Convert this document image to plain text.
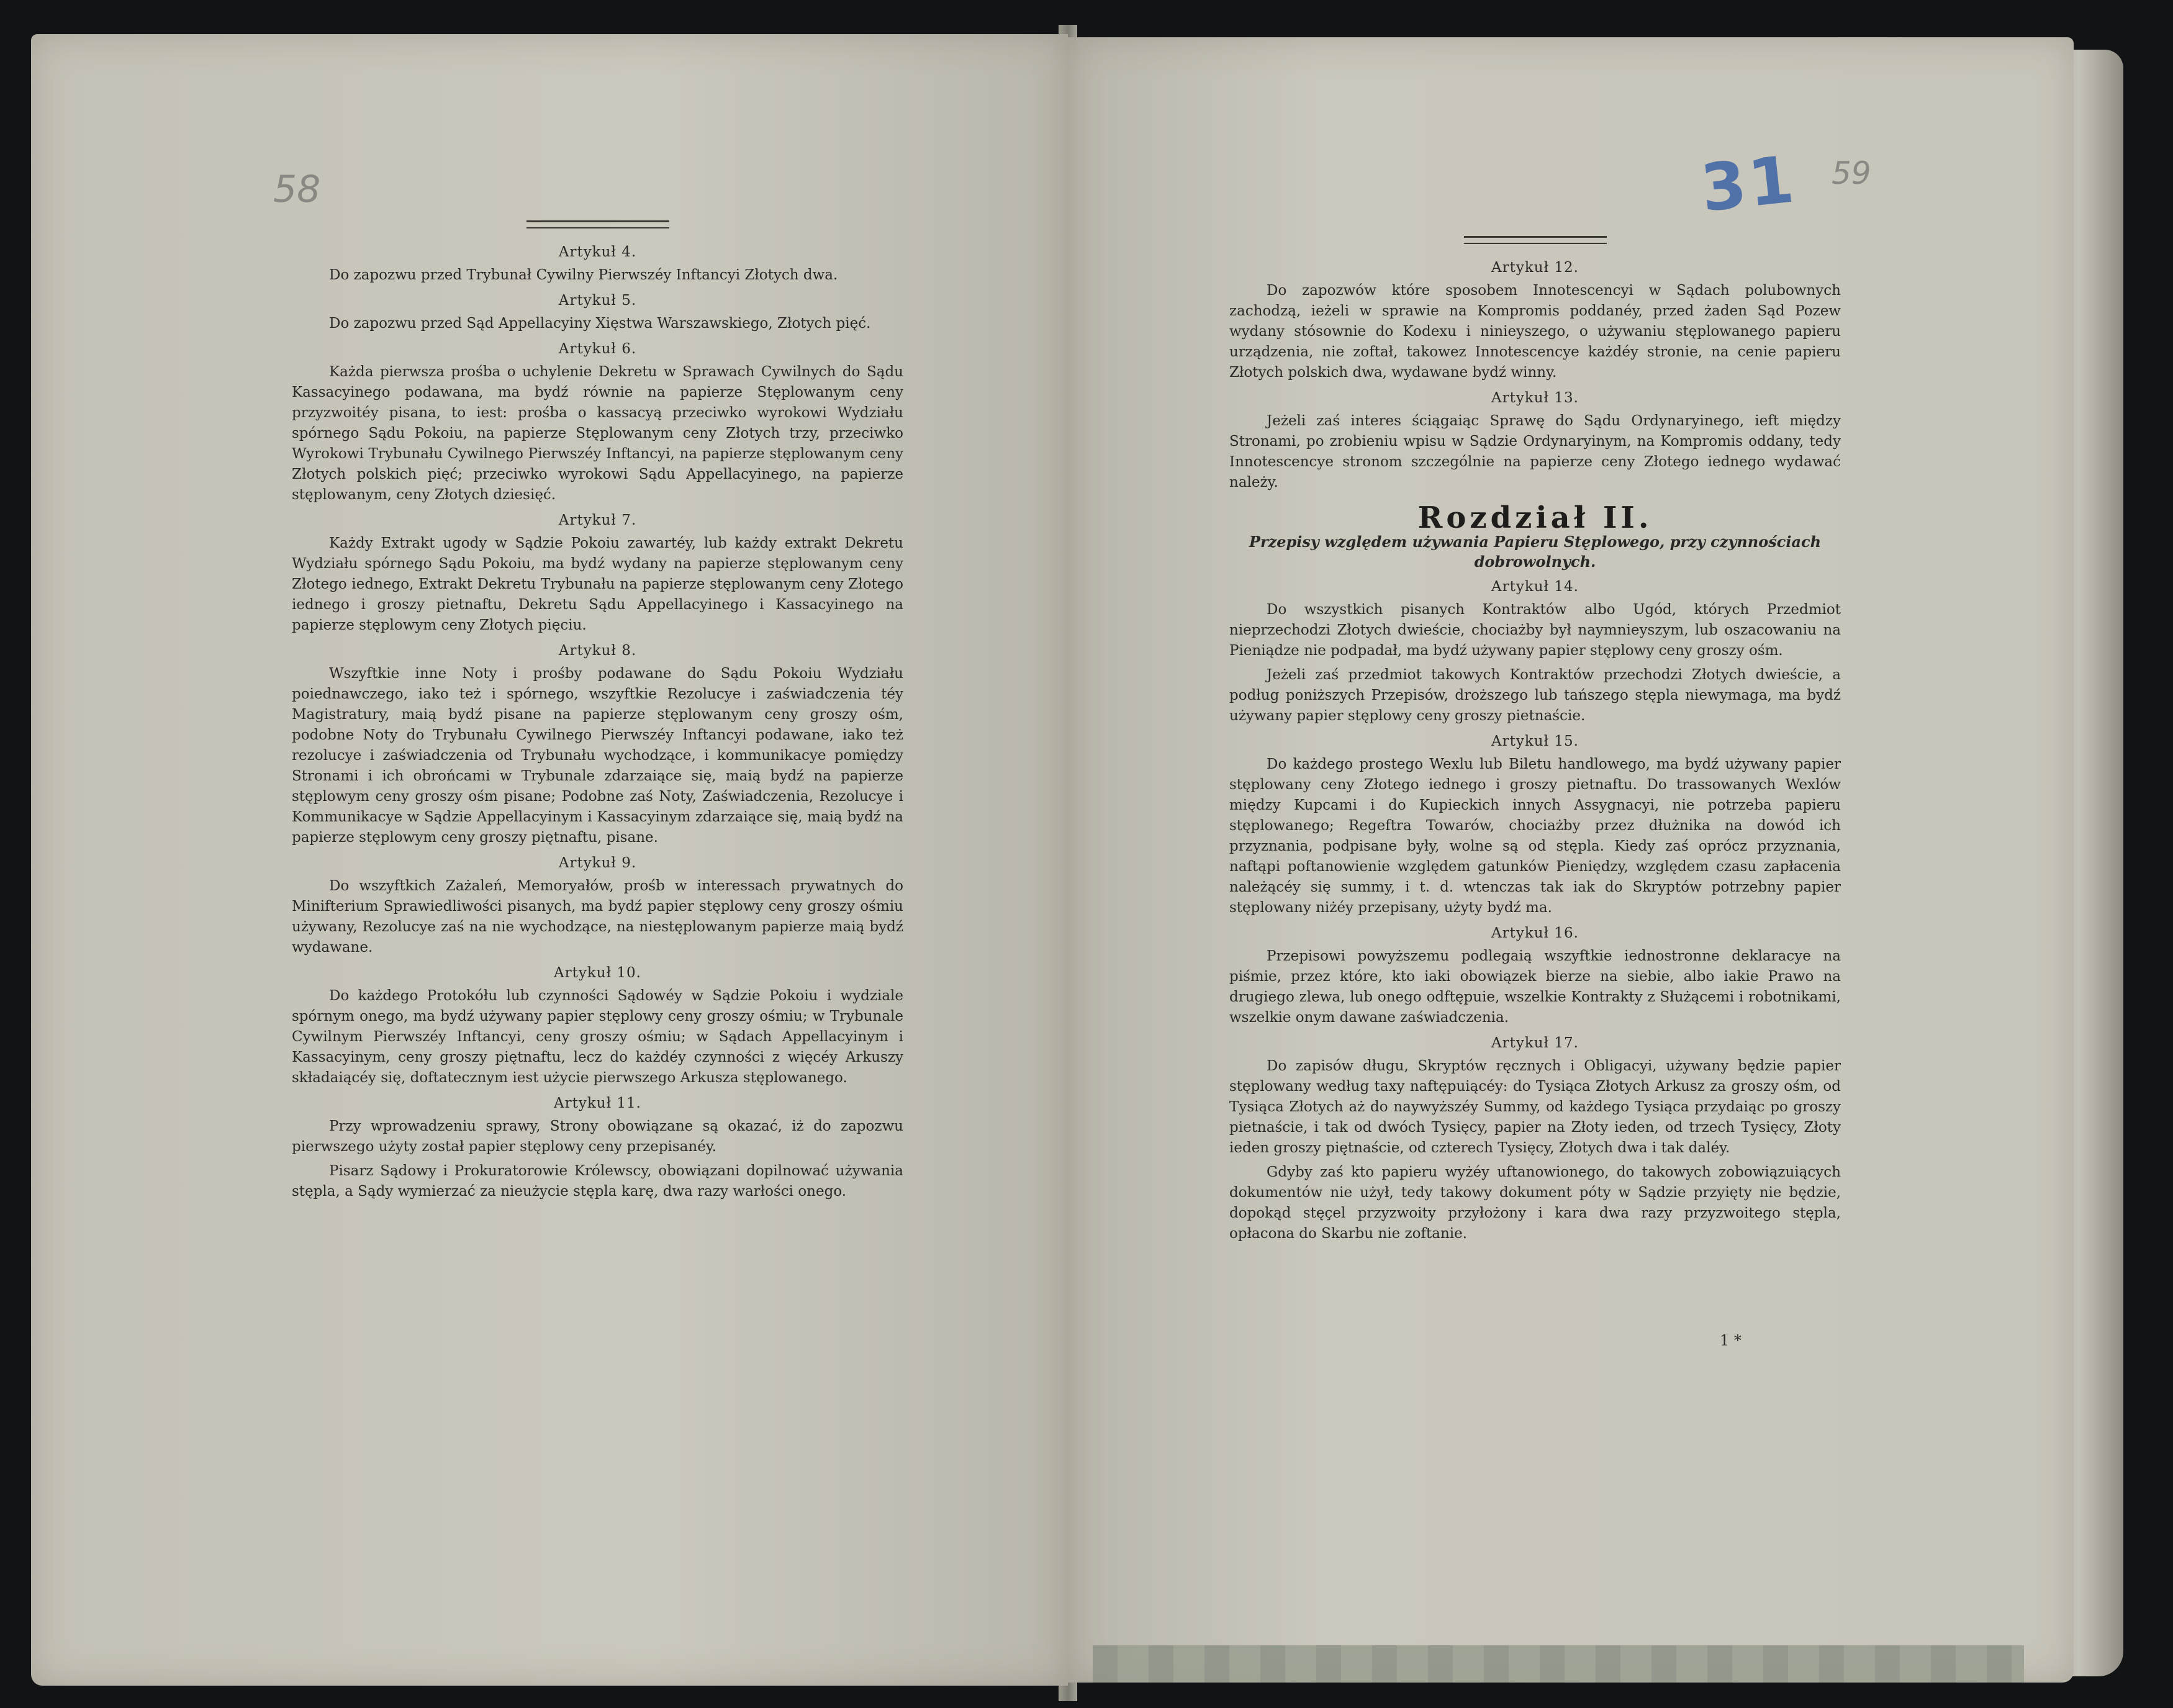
58
Artykuł 4.

Do zapozwu przed Trybunał Cywilny Pierwszéy Inftancyi Złotych dwa.

Artykuł 5.

Do zapozwu przed Sąd Appellacyiny Xięstwa Warszawskiego, Złotych pięć.

Artykuł 6.

Każda pierwsza prośba o uchylenie Dekretu w Sprawach Cywilnych do Sądu Kassacyinego podawana, ma bydź równie na papierze Stęplowanym ceny przyzwoitéy pisana, to iest: prośba o kassacyą przeciwko wyrokowi Wydziału spórnego Sądu Pokoiu, na papierze Stęplowanym ceny Złotych trzy, przeciwko Wyrokowi Trybunału Cywilnego Pierwszéy Inftancyi, na papierze stęplowanym ceny Złotych polskich pięć; przeciwko wyrokowi Sądu Appellacyinego, na papierze stęplowanym, ceny Złotych dziesięć.

Artykuł 7.

Każdy Extrakt ugody w Sądzie Pokoiu zawartéy, lub każdy extrakt Dekretu Wydziału spórnego Sądu Pokoiu, ma bydź wydany na papierze stęplowanym ceny Złotego iednego, Extrakt Dekretu Trybunału na papierze stęplowanym ceny Złotego iednego i groszy pietnaftu, Dekretu Sądu Appellacyinego i Kassacyinego na papierze stęplowym ceny Złotych pięciu.

Artykuł 8.

Wszyftkie inne Noty i prośby podawane do Sądu Pokoiu Wydziału poiednawczego, iako też i spórnego, wszyftkie Rezolucye i zaświadczenia téy Magistratury, maią bydź pisane na papierze stęplowanym ceny groszy ośm, podobne Noty do Trybunału Cywilnego Pierwszéy Inftancyi podawane, iako też rezolucye i zaświadczenia od Trybunału wychodzące, i kommunikacye pomiędzy Stronami i ich obrońcami w Trybunale zdarzaiące się, maią bydź na papierze stęplowym ceny groszy ośm pisane; Podobne zaś Noty, Zaświadczenia, Rezolucye i Kommunikacye w Sądzie Appellacyinym i Kassacyinym zdarzaiące się, maią bydź na papierze stęplowym ceny groszy piętnaftu, pisane.

Artykuł 9.

Do wszyftkich Zażaleń, Memoryałów, prośb w interessach prywatnych do Minifterium Sprawiedliwości pisanych, ma bydź papier stęplowy ceny groszy ośmiu używany, Rezolucye zaś na nie wychodzące, na niestęplowanym papierze maią bydź wydawane.

Artykuł 10.

Do każdego Protokółu lub czynności Sądowéy w Sądzie Pokoiu i wydziale spórnym onego, ma bydź używany papier stęplowy ceny groszy ośmiu; w Trybunale Cywilnym Pierwszéy Inftancyi, ceny groszy ośmiu; w Sądach Appellacyinym i Kassacyinym, ceny groszy piętnaftu, lecz do każdéy czynności z więcéy Arkuszy składaiącéy się, doftatecznym iest użycie pierwszego Arkusza stęplowanego.

Artykuł 11.

Przy wprowadzeniu sprawy, Strony obowiązane są okazać, iż do zapozwu pierwszego użyty został papier stęplowy ceny przepisanéy.

Pisarz Sądowy i Prokuratorowie Królewscy, obowiązani dopilnować używania stępla, a Sądy wymierzać za nieużycie stępla karę, dwa razy warłości onego.

31 59
Artykuł 12.

Do zapozwów które sposobem Innotescencyi w Sądach polubownych zachodzą, ieżeli w sprawie na Kompromis poddanéy, przed żaden Sąd Pozew wydany stósownie do Kodexu i ninieyszego, o używaniu stęplowanego papieru urządzenia, nie zoftał, takowez Innotescencye każdéy stronie, na cenie papieru Złotych polskich dwa, wydawane bydź winny.

Artykuł 13.

Jeżeli zaś interes ściągaiąc Sprawę do Sądu Ordynaryinego, ieft między Stronami, po zrobieniu wpisu w Sądzie Ordynaryinym, na Kompromis oddany, tedy Innotescencye stronom szczególnie na papierze ceny Złotego iednego wydawać należy.

Rozdział II.
Przepisy względem używania Papieru Stęplowego, przy czynnościach dobrowolnych.
Artykuł 14.

Do wszystkich pisanych Kontraktów albo Ugód, których Przedmiot nieprzechodzi Złotych dwieście, chociażby był naymnieyszym, lub oszacowaniu na Pieniądze nie podpadał, ma bydź używany papier stęplowy ceny groszy ośm.

Jeżeli zaś przedmiot takowych Kontraktów przechodzi Złotych dwieście, a podług poniższych Przepisów, droższego lub tańszego stępla niewymaga, ma bydź używany papier stęplowy ceny groszy pietnaście.

Artykuł 15.

Do każdego prostego Wexlu lub Biletu handlowego, ma bydź używany papier stęplowany ceny Złotego iednego i groszy pietnaftu. Do trassowanych Wexlów między Kupcami i do Kupieckich innych Assygnacyi, nie potrzeba papieru stęplowanego; Regeftra Towarów, chociażby przez dłużnika na dowód ich przyznania, podpisane były, wolne są od stępla. Kiedy zaś oprócz przyznania, naftąpi poftanowienie względem gatunków Pieniędzy, względem czasu zapłacenia należącéy się summy, i t. d. wtenczas tak iak do Skryptów potrzebny papier stęplowany niżéy przepisany, użyty bydź ma.

Artykuł 16.

Przepisowi powyższemu podlegaią wszyftkie iednostronne deklaracye na piśmie, przez które, kto iaki obowiązek bierze na siebie, albo iakie Prawo na drugiego zlewa, lub onego odftępuie, wszelkie Kontrakty z Służącemi i robotnikami, wszelkie onym dawane zaświadczenia.

Artykuł 17.

Do zapisów długu, Skryptów ręcznych i Obligacyi, używany będzie papier stęplowany według taxy naftępuiącéy: do Tysiąca Złotych Arkusz za groszy ośm, od Tysiąca Złotych aż do naywyższéy Summy, od każdego Tysiąca przydaiąc po groszy pietnaście, i tak od dwóch Tysięcy, papier na Złoty ieden, od trzech Tysięcy, Złoty ieden groszy piętnaście, od czterech Tysięcy, Złotych dwa i tak daléy.

Gdyby zaś kto papieru wyżéy uftanowionego, do takowych zobowiązuiących dokumentów nie użył, tedy takowy dokument póty w Sądzie przyięty nie będzie, dopokąd stęçel przyzwoity przyłożony i kara dwa razy przyzwoitego stępla, opłacona do Skarbu nie zoftanie.

1 *
